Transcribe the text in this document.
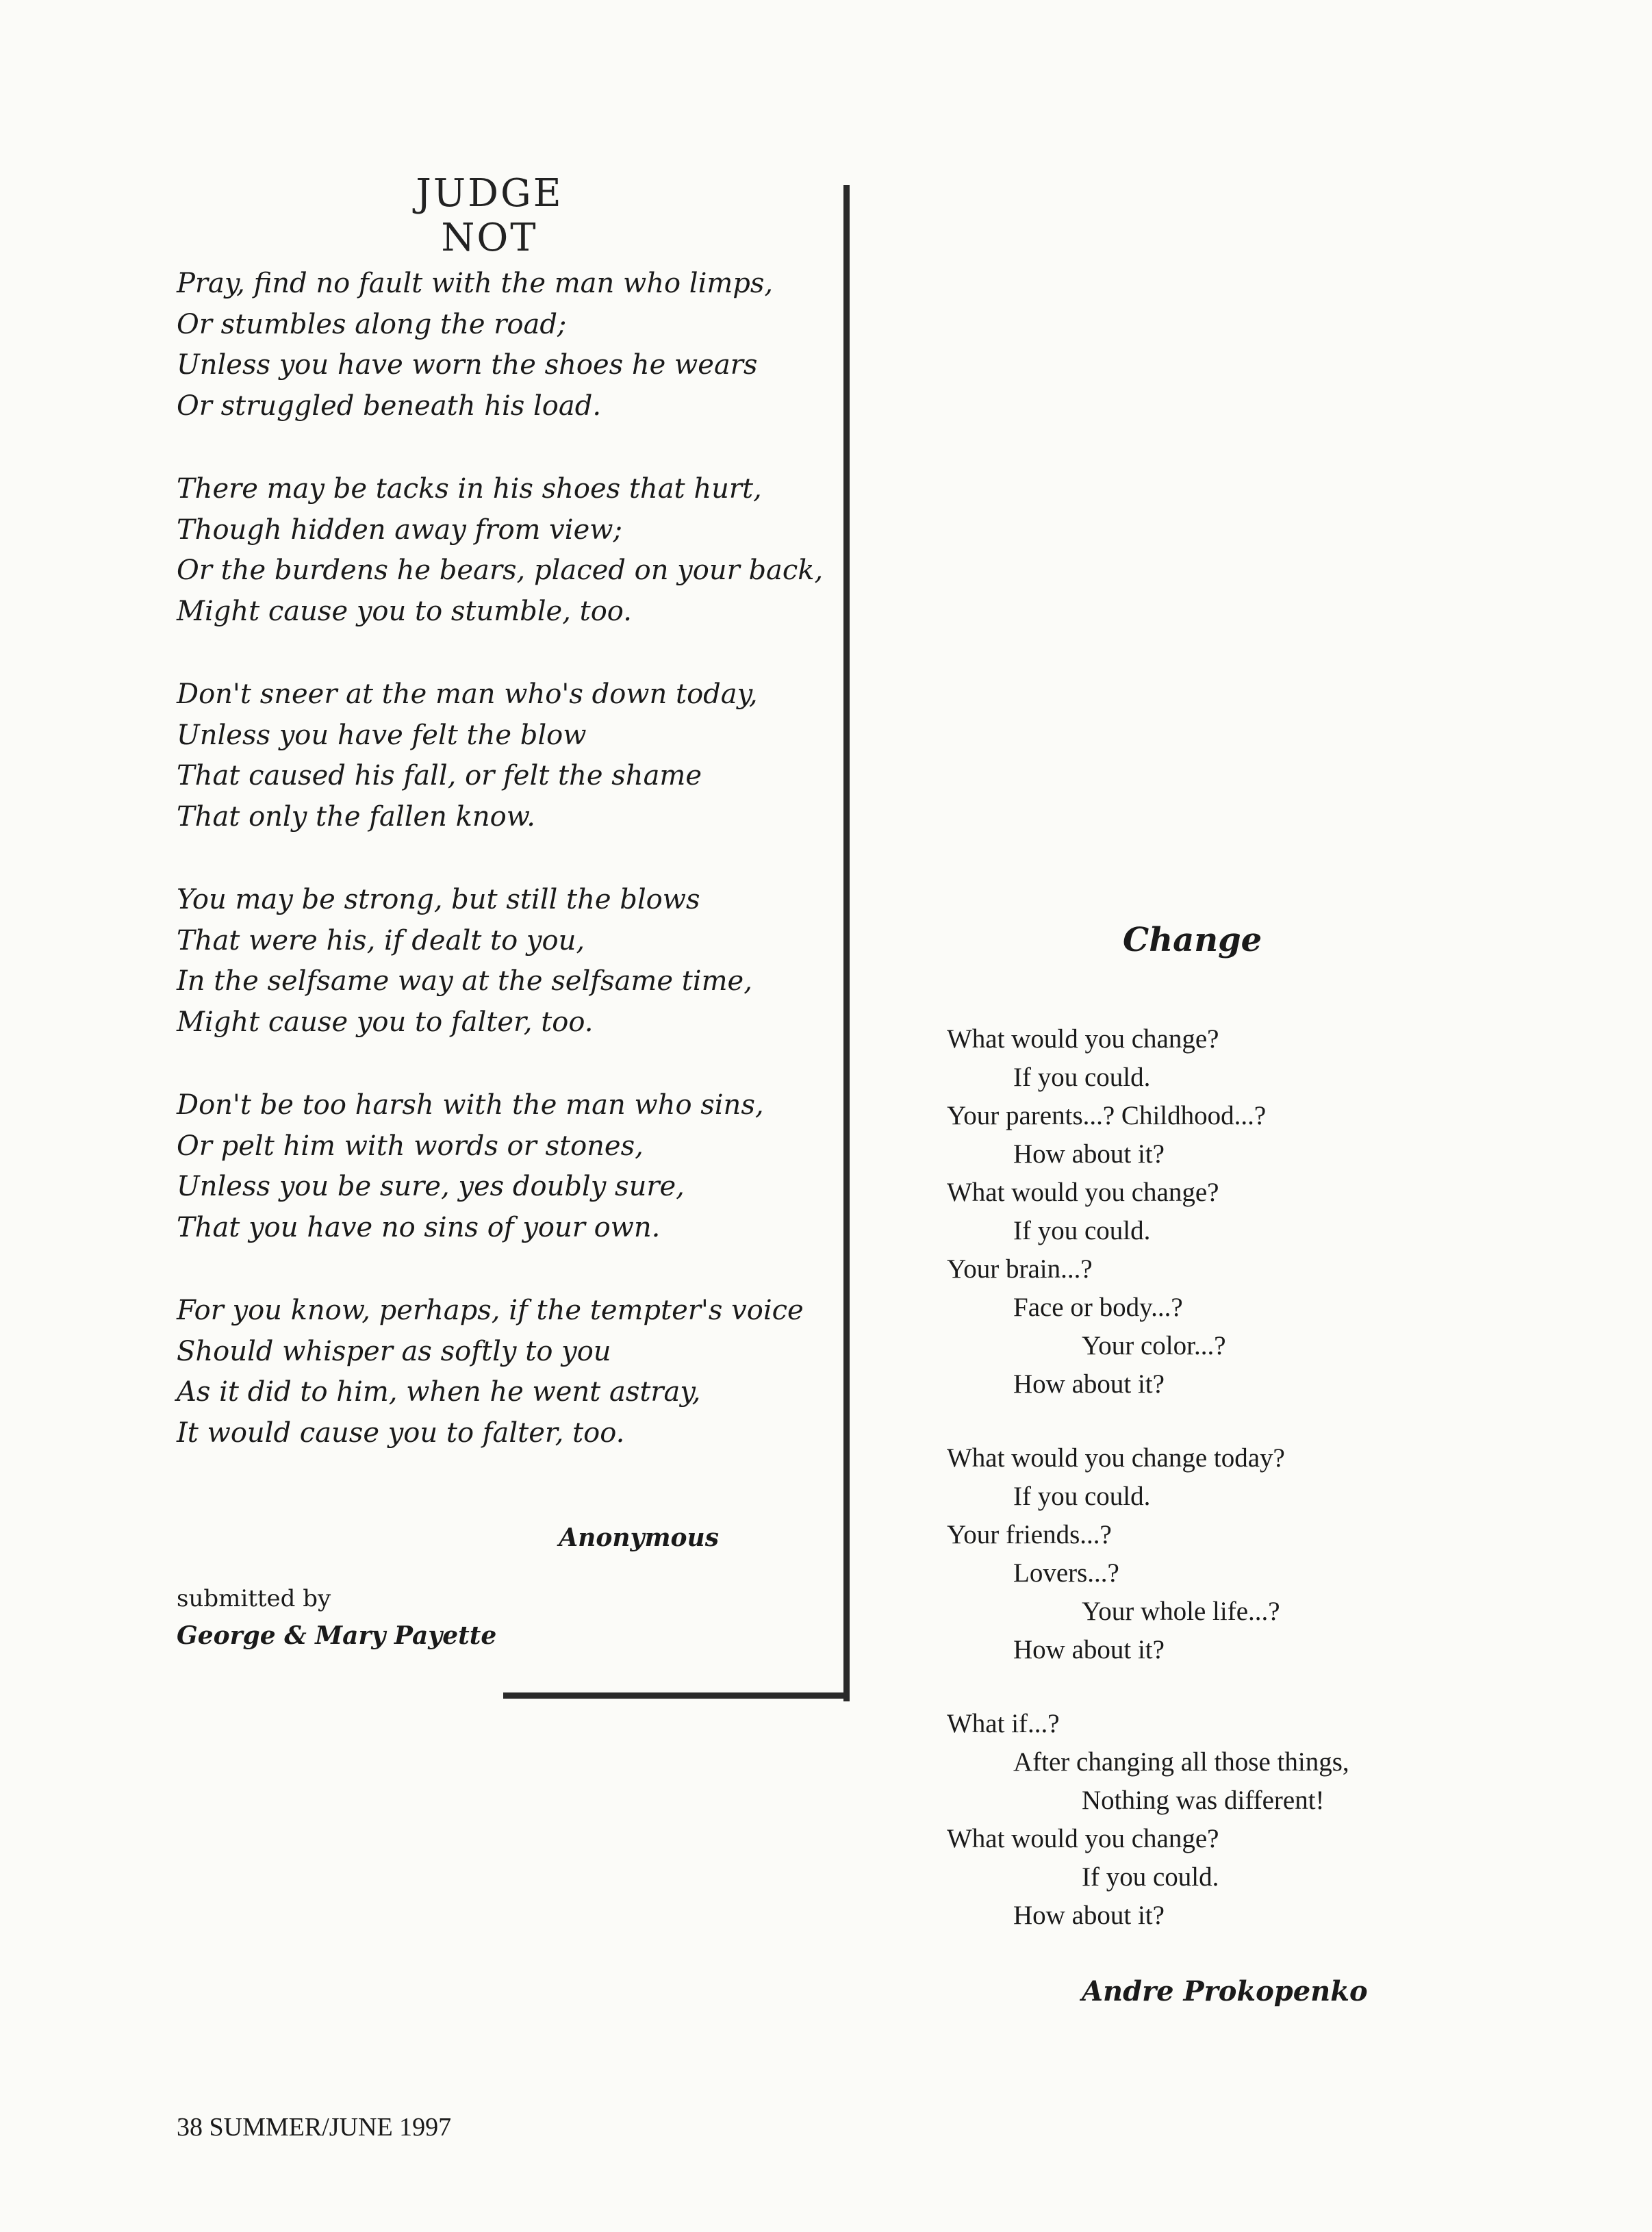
JUDGE NOT
Pray, find no fault with the man who limps,
Or stumbles along the road;
Unless you have worn the shoes he wears
Or struggled beneath his load.
There may be tacks in his shoes that hurt,
Though hidden away from view;
Or the burdens he bears, placed on your back,
Might cause you to stumble, too.
Don't sneer at the man who's down today,
Unless you have felt the blow
That caused his fall, or felt the shame
That only the fallen know.
You may be strong, but still the blows
That were his, if dealt to you,
In the selfsame way at the selfsame time,
Might cause you to falter, too.
Don't be too harsh with the man who sins,
Or pelt him with words or stones,
Unless you be sure, yes doubly sure,
That you have no sins of your own.
For you know, perhaps, if the tempter's voice
Should whisper as softly to you
As it did to him, when he went astray,
It would cause you to falter, too.
Anonymous
submitted by
George & Mary Payette
Change
What would you change?
If you could.
Your parents...? Childhood...?
How about it?
What would you change?
If you could.
Your brain...?
Face or body...?
Your color...?
How about it?
What would you change today?
If you could.
Your friends...?
Lovers...?
Your whole life...?
How about it?
What if...?
After changing all those things,
Nothing was different!
What would you change?
If you could.
How about it?
Andre Prokopenko
38 SUMMER/JUNE 1997
